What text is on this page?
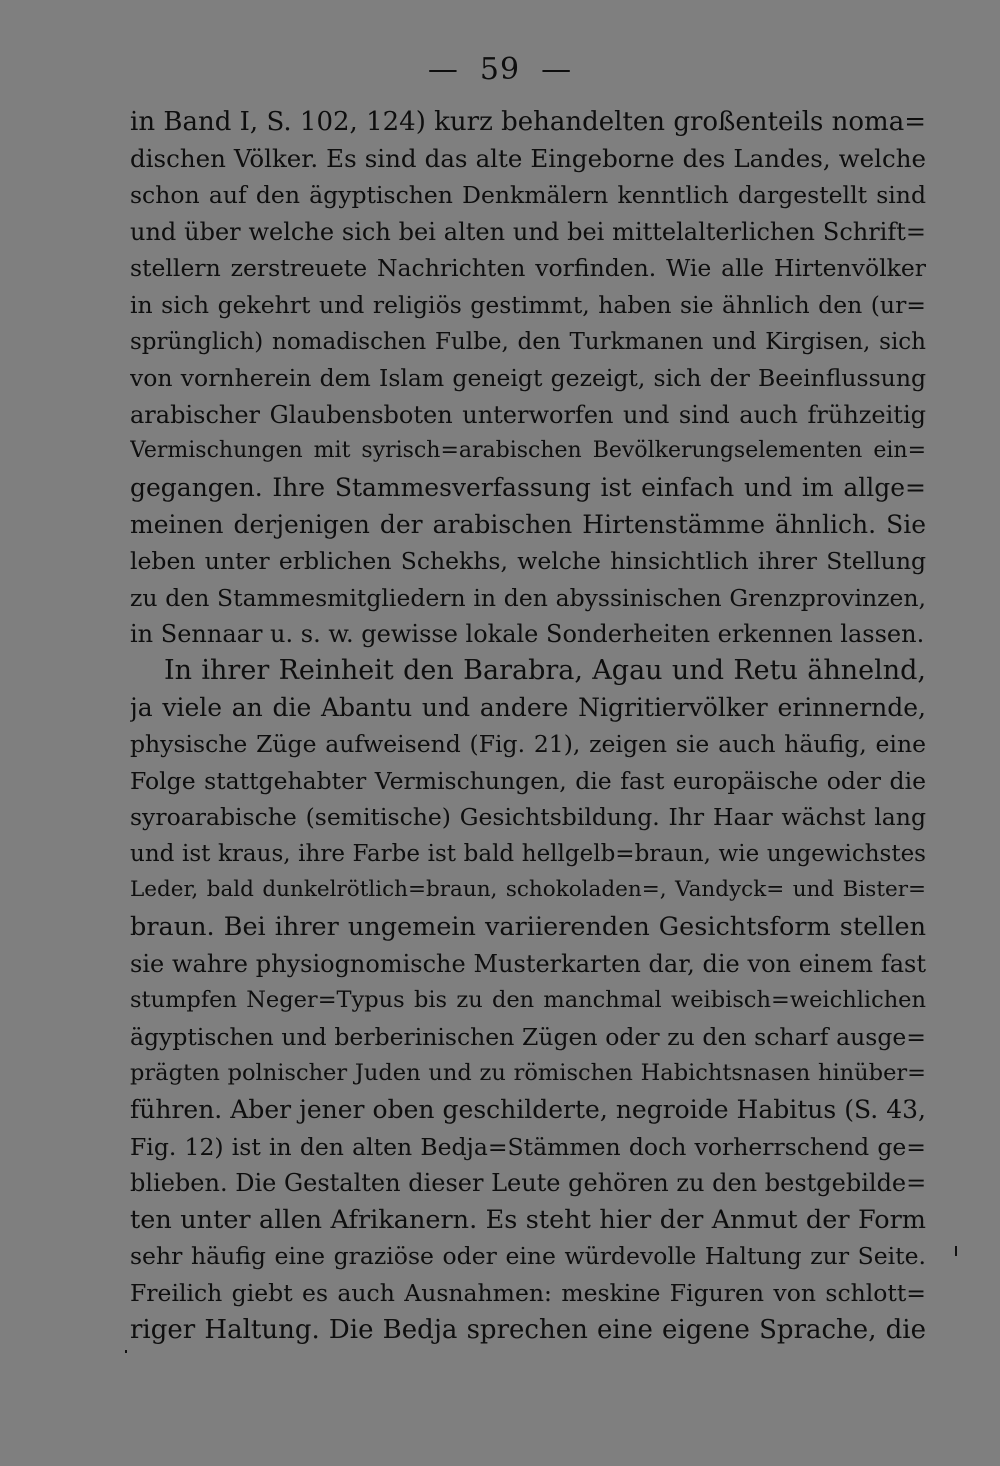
—  59  —
in Band I, S. 102, 124) kurz behandelten großenteils noma=
dischen Völker. Es sind das alte Eingeborne des Landes, welche
schon auf den ägyptischen Denkmälern kenntlich dargestellt sind
und über welche sich bei alten und bei mittelalterlichen Schrift=
stellern zerstreuete Nachrichten vorfinden. Wie alle Hirtenvölker
in sich gekehrt und religiös gestimmt, haben sie ähnlich den (ur=
sprünglich) nomadischen Fulbe, den Turkmanen und Kirgisen, sich
von vornherein dem Islam geneigt gezeigt, sich der Beeinflussung
arabischer Glaubensboten unterworfen und sind auch frühzeitig
Vermischungen mit syrisch=arabischen Bevölkerungselementen ein=
gegangen. Ihre Stammesverfassung ist einfach und im allge=
meinen derjenigen der arabischen Hirtenstämme ähnlich. Sie
leben unter erblichen Schekhs, welche hinsichtlich ihrer Stellung
zu den Stammesmitgliedern in den abyssinischen Grenzprovinzen,
in Sennaar u. s. w. gewisse lokale Sonderheiten erkennen lassen.
In ihrer Reinheit den Barabra, Agau und Retu ähnelnd,
ja viele an die Abantu und andere Nigritiervölker erinnernde,
physische Züge aufweisend (Fig. 21), zeigen sie auch häufig, eine
Folge stattgehabter Vermischungen, die fast europäische oder die
syroarabische (semitische) Gesichtsbildung. Ihr Haar wächst lang
und ist kraus, ihre Farbe ist bald hellgelb=braun, wie ungewichstes
Leder, bald dunkelrötlich=braun, schokoladen=, Vandyck= und Bister=
braun. Bei ihrer ungemein variierenden Gesichtsform stellen
sie wahre physiognomische Musterkarten dar, die von einem fast
stumpfen Neger=Typus bis zu den manchmal weibisch=weichlichen
ägyptischen und berberinischen Zügen oder zu den scharf ausge=
prägten polnischer Juden und zu römischen Habichtsnasen hinüber=
führen. Aber jener oben geschilderte, negroide Habitus (S. 43,
Fig. 12) ist in den alten Bedja=Stämmen doch vorherrschend ge=
blieben. Die Gestalten dieser Leute gehören zu den bestgebilde=
ten unter allen Afrikanern. Es steht hier der Anmut der Form
sehr häufig eine graziöse oder eine würdevolle Haltung zur Seite.
Freilich giebt es auch Ausnahmen: meskine Figuren von schlott=
riger Haltung. Die Bedja sprechen eine eigene Sprache, die
